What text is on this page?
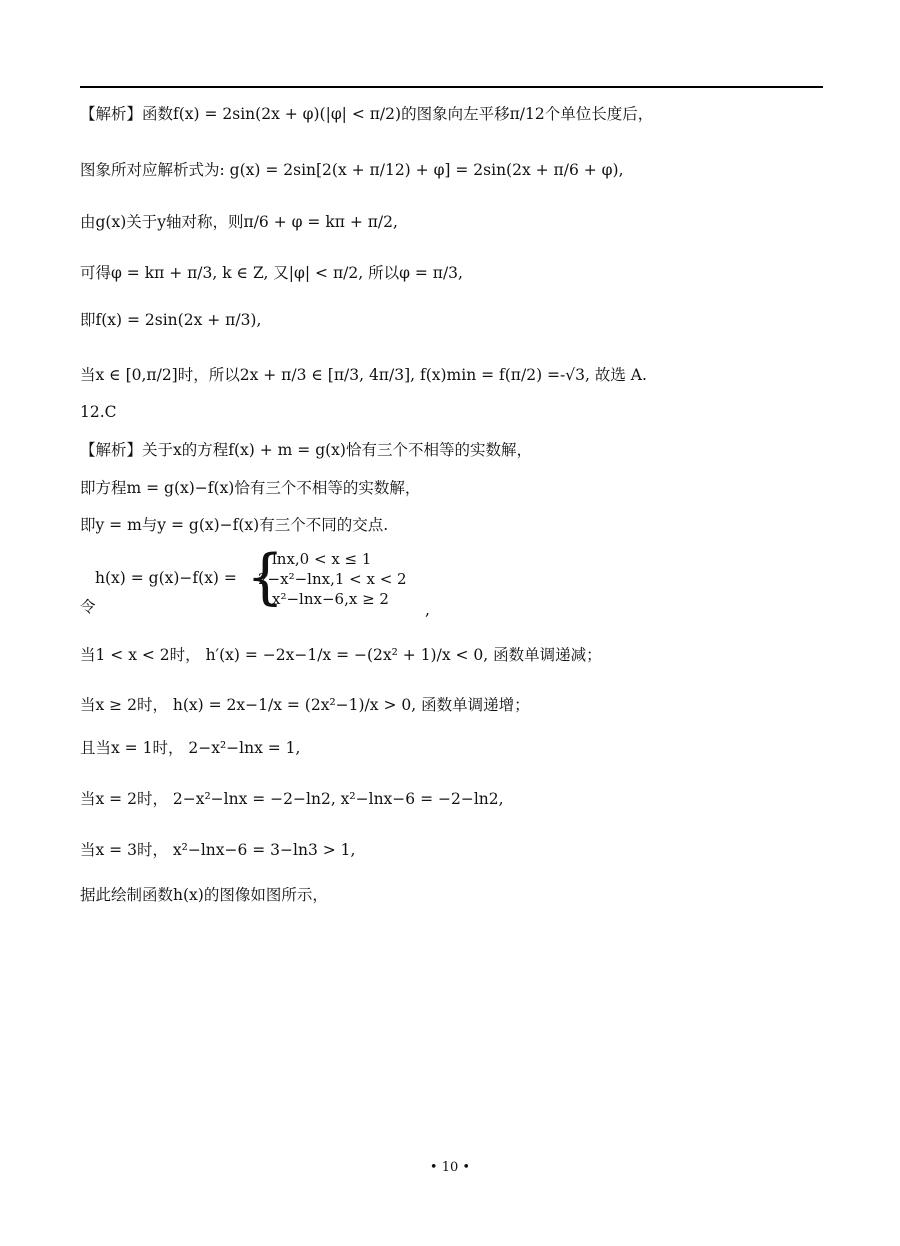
【解析】函数f(x) = 2sin(2x + φ)(|φ| < π/2)的图象向左平移π/12个单位长度后，
图象所对应解析式为: g(x) = 2sin[2(x + π/12) + φ] = 2sin(2x + π/6 + φ),
由g(x)关于y轴对称，则π/6 + φ = kπ + π/2,
可得φ = kπ + π/3, k ∈ Z, 又|φ| < π/2, 所以φ = π/3,
即f(x) = 2sin(2x + π/3),
当x ∈ [0,π/2]时，所以2x + π/3 ∈ [π/3, 4π/3], f(x)min = f(π/2) =-√3, 故选 A.
12.C
【解析】关于x的方程f(x) + m = g(x)恰有三个不相等的实数解，
即方程m = g(x)−f(x)恰有三个不相等的实数解，
即y = m与y = g(x)−f(x)有三个不同的交点.
令
h(x) = g(x)−f(x) = {
lnx,0 < x ≤ 1
2−x²−lnx,1 < x < 2
x²−lnx−6,x ≥ 2
,
当1 < x < 2时， h′(x) = −2x−1/x = −(2x² + 1)/x < 0, 函数单调递减；
当x ≥ 2时， h(x) = 2x−1/x = (2x²−1)/x > 0, 函数单调递增；
且当x = 1时， 2−x²−lnx = 1,
当x = 2时， 2−x²−lnx = −2−ln2, x²−lnx−6 = −2−ln2,
当x = 3时， x²−lnx−6 = 3−ln3 > 1,
据此绘制函数h(x)的图像如图所示，
• 10 •
